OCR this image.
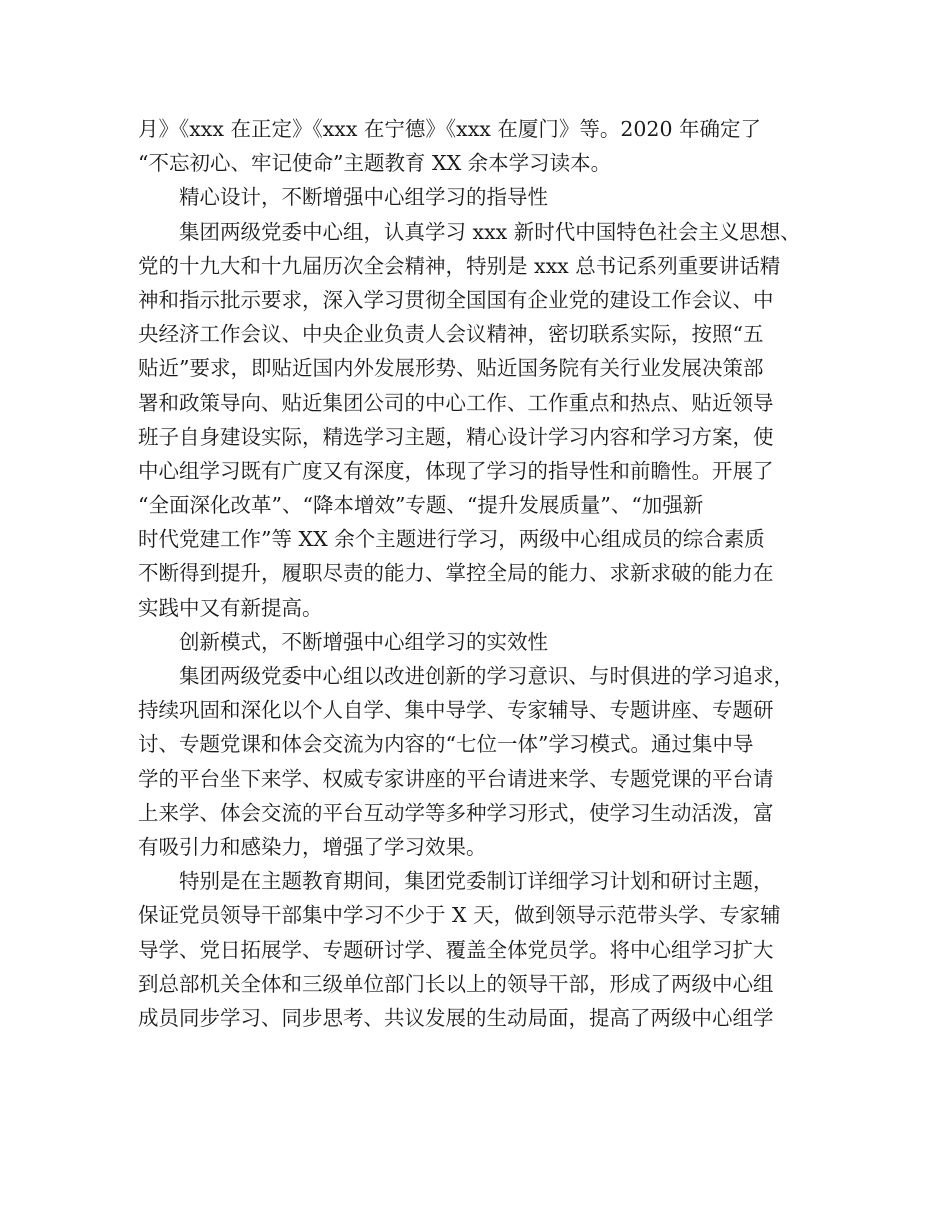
月》《xxx 在正定》《xxx 在宁德》《xxx 在厦门》等。2020 年确定了
“不忘初心、牢记使命”主题教育 XX 余本学习读本。
精心设计，不断增强中心组学习的指导性
集团两级党委中心组，认真学习 xxx 新时代中国特色社会主义思想、
党的十九大和十九届历次全会精神，特别是 xxx 总书记系列重要讲话精
神和指示批示要求，深入学习贯彻全国国有企业党的建设工作会议、中
央经济工作会议、中央企业负责人会议精神，密切联系实际，按照“五
贴近”要求，即贴近国内外发展形势、贴近国务院有关行业发展决策部
署和政策导向、贴近集团公司的中心工作、工作重点和热点、贴近领导
班子自身建设实际，精选学习主题，精心设计学习内容和学习方案，使
中心组学习既有广度又有深度，体现了学习的指导性和前瞻性。开展了
“全面深化改革”、“降本增效”专题、“提升发展质量”、“加强新
时代党建工作”等 XX 余个主题进行学习，两级中心组成员的综合素质
不断得到提升，履职尽责的能力、掌控全局的能力、求新求破的能力在
实践中又有新提高。
创新模式，不断增强中心组学习的实效性
集团两级党委中心组以改进创新的学习意识、与时俱进的学习追求，
持续巩固和深化以个人自学、集中导学、专家辅导、专题讲座、专题研
讨、专题党课和体会交流为内容的“七位一体”学习模式。通过集中导
学的平台坐下来学、权威专家讲座的平台请进来学、专题党课的平台请
上来学、体会交流的平台互动学等多种学习形式，使学习生动活泼，富
有吸引力和感染力，增强了学习效果。
特别是在主题教育期间，集团党委制订详细学习计划和研讨主题，
保证党员领导干部集中学习不少于 X 天，做到领导示范带头学、专家辅
导学、党日拓展学、专题研讨学、覆盖全体党员学。将中心组学习扩大
到总部机关全体和三级单位部门长以上的领导干部，形成了两级中心组
成员同步学习、同步思考、共议发展的生动局面，提高了两级中心组学
